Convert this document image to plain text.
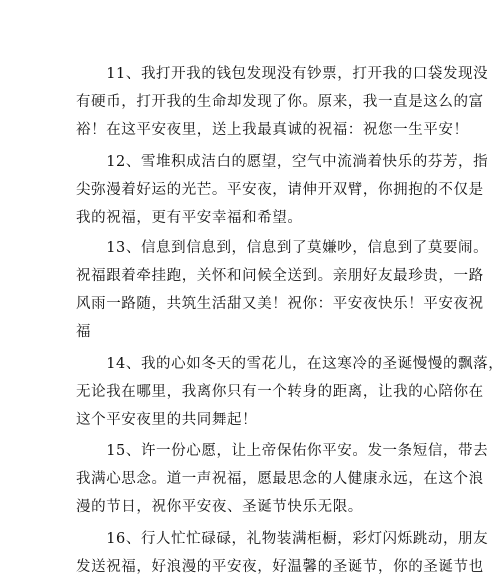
　　11、我打开我的钱包发现没有钞票，打开我的口袋发现没
有硬币，打开我的生命却发现了你。原来，我一直是这么的富
裕！在这平安夜里，送上我最真诚的祝福：祝您一生平安！
　　12、雪堆积成洁白的愿望，空气中流淌着快乐的芬芳，指
尖弥漫着好运的光芒。平安夜，请伸开双臂，你拥抱的不仅是
我的祝福，更有平安幸福和希望。
　　13、信息到信息到，信息到了莫嫌吵，信息到了莫要闹。
祝福跟着牵挂跑，关怀和问候全送到。亲朋好友最珍贵，一路
风雨一路随，共筑生活甜又美！祝你：平安夜快乐！平安夜祝
福
　　14、我的心如冬天的雪花儿，在这寒冷的圣诞慢慢的飘落，
无论我在哪里，我离你只有一个转身的距离，让我的心陪你在
这个平安夜里的共同舞起！
　　15、许一份心愿，让上帝保佑你平安。发一条短信，带去
我满心思念。道一声祝福，愿最思念的人健康永远，在这个浪
漫的节日，祝你平安夜、圣诞节快乐无限。
　　16、行人忙忙碌碌，礼物装满柜橱，彩灯闪烁跳动，朋友
发送祝福，好浪漫的平安夜，好温馨的圣诞节，你的圣诞节也
